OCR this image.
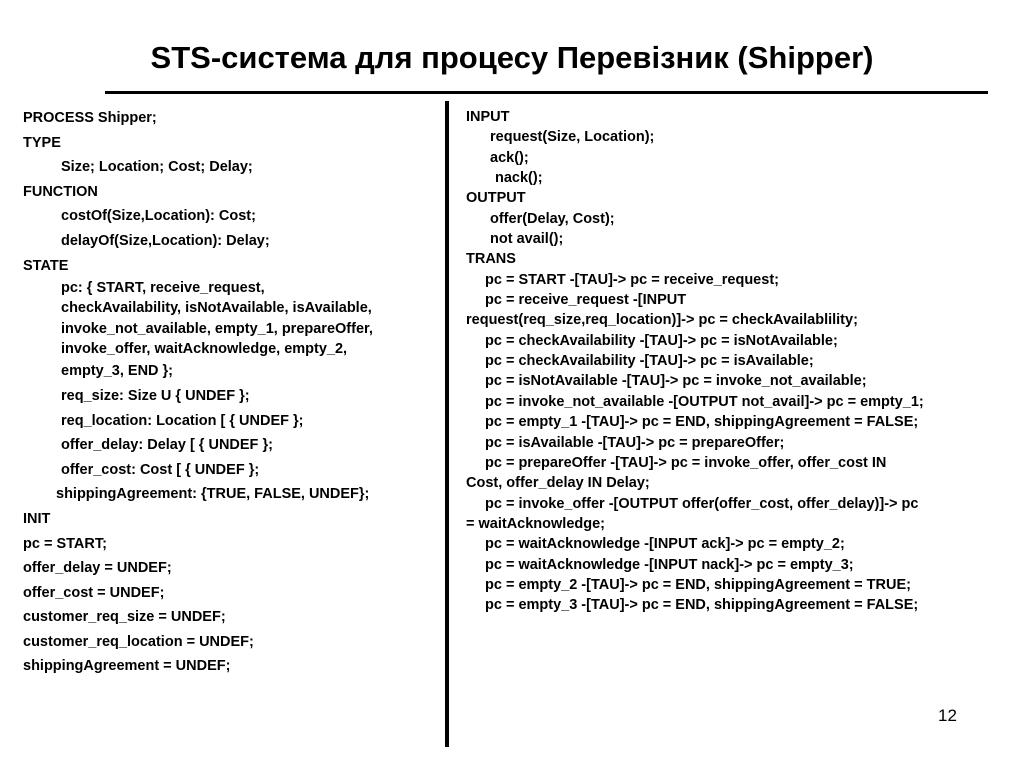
STS-система для процесу Перевізник (Shipper)
PROCESS Shipper;
TYPE
Size; Location; Cost; Delay;
FUNCTION
costOf(Size,Location): Cost;
delayOf(Size,Location): Delay;
STATE
pc: { START, receive_request,
checkAvailability, isNotAvailable, isAvailable,
invoke_not_available, empty_1, prepareOffer,
invoke_offer, waitAcknowledge, empty_2,
empty_3, END };
req_size: Size U { UNDEF };
req_location: Location [ { UNDEF };
offer_delay: Delay [ { UNDEF };
offer_cost: Cost [ { UNDEF };
shippingAgreement: {TRUE, FALSE, UNDEF};
INIT
pc = START;
offer_delay = UNDEF;
offer_cost = UNDEF;
customer_req_size = UNDEF;
customer_req_location = UNDEF;
shippingAgreement = UNDEF;
INPUT
request(Size, Location);
ack();
nack();
OUTPUT
offer(Delay, Cost);
not avail();
TRANS
pc = START -[TAU]-> pc = receive_request;
pc = receive_request -[INPUT
request(req_size,req_location)]-> pc = checkAvailablility;
pc = checkAvailability -[TAU]-> pc = isNotAvailable;
pc = checkAvailability -[TAU]-> pc = isAvailable;
pc = isNotAvailable -[TAU]-> pc = invoke_not_available;
pc = invoke_not_available -[OUTPUT not_avail]-> pc = empty_1;
pc = empty_1 -[TAU]-> pc = END, shippingAgreement = FALSE;
pc = isAvailable -[TAU]-> pc = prepareOffer;
pc = prepareOffer -[TAU]-> pc = invoke_offer, offer_cost IN
Cost, offer_delay IN Delay;
pc = invoke_offer -[OUTPUT offer(offer_cost, offer_delay)]-> pc
= waitAcknowledge;
pc = waitAcknowledge -[INPUT ack]-> pc = empty_2;
pc = waitAcknowledge -[INPUT nack]-> pc = empty_3;
pc = empty_2 -[TAU]-> pc = END, shippingAgreement = TRUE;
pc = empty_3 -[TAU]-> pc = END, shippingAgreement = FALSE;
12
